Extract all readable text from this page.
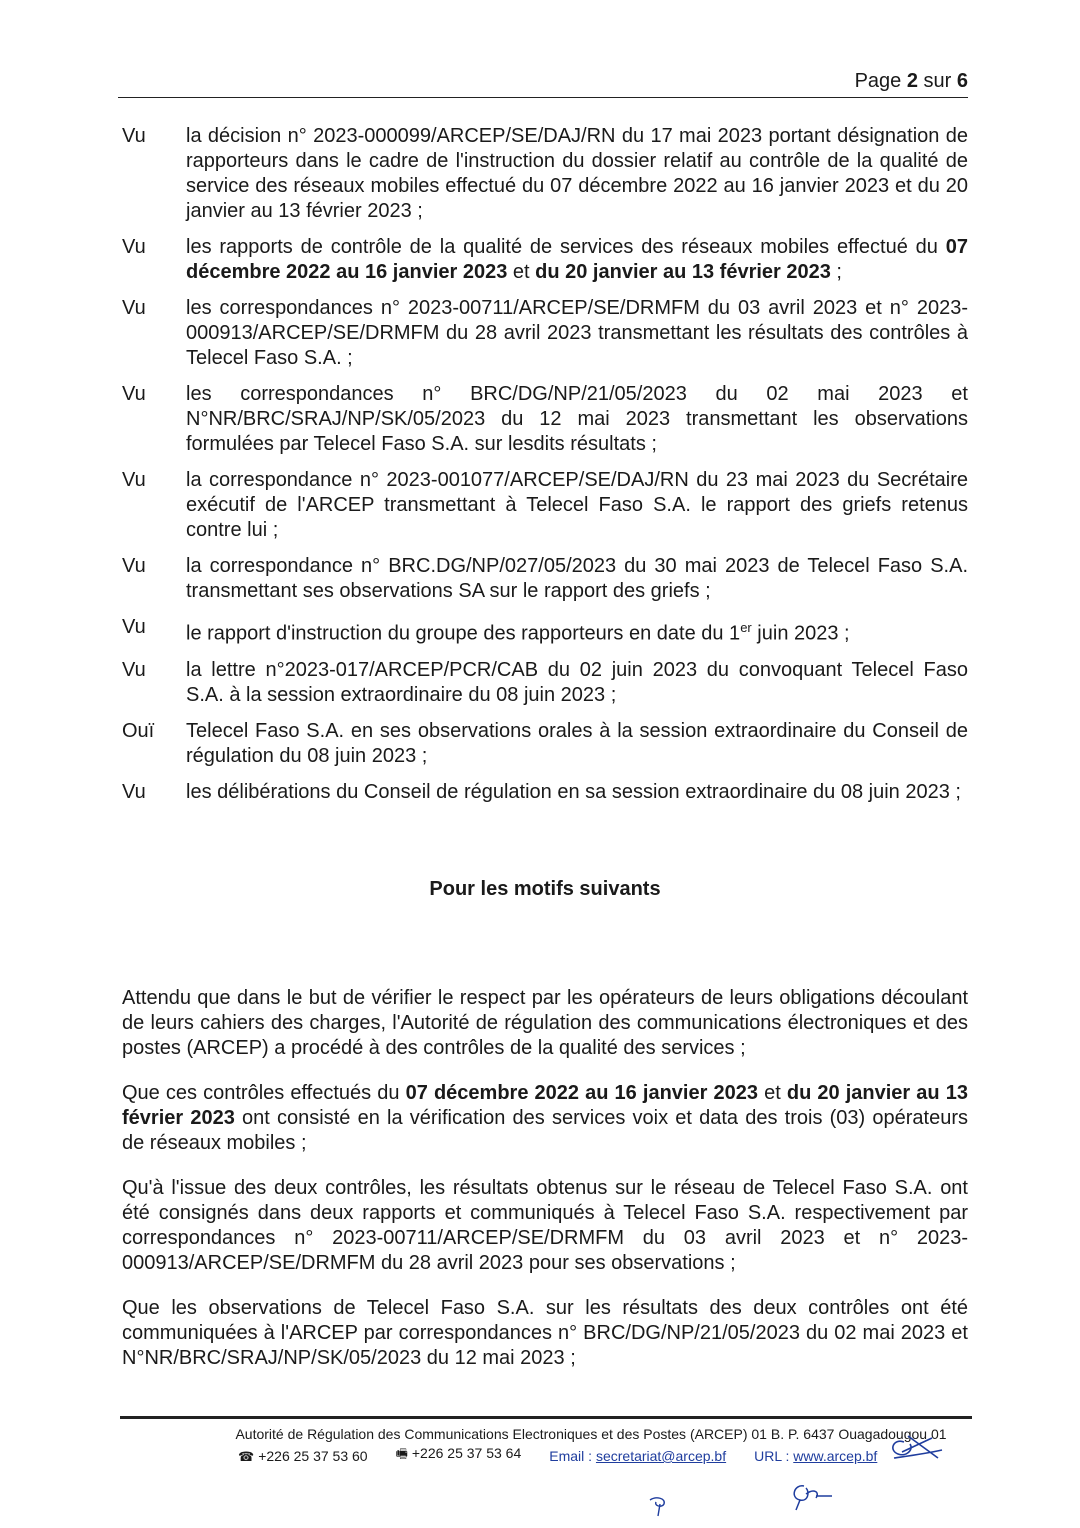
Page 2 sur 6
Vu	la décision n° 2023-000099/ARCEP/SE/DAJ/RN du 17 mai 2023 portant désignation de rapporteurs dans le cadre de l'instruction du dossier relatif au contrôle de la qualité de service des réseaux mobiles effectué du 07 décembre 2022 au 16 janvier 2023 et du 20 janvier au 13 février 2023 ;
Vu	les rapports de contrôle de la qualité de services des réseaux mobiles effectué du 07 décembre 2022 au 16 janvier 2023 et du 20 janvier au 13 février 2023 ;
Vu	les correspondances n° 2023-00711/ARCEP/SE/DRMFM du 03 avril 2023 et n° 2023-000913/ARCEP/SE/DRMFM du 28 avril 2023 transmettant les résultats des contrôles à Telecel Faso S.A. ;
Vu	les correspondances n° BRC/DG/NP/21/05/2023 du 02 mai 2023 et N°NR/BRC/SRAJ/NP/SK/05/2023 du 12 mai 2023 transmettant les observations formulées par Telecel Faso S.A. sur lesdits résultats ;
Vu	la correspondance n° 2023-001077/ARCEP/SE/DAJ/RN du 23 mai 2023 du Secrétaire exécutif de l'ARCEP transmettant à Telecel Faso S.A. le rapport des griefs retenus contre lui ;
Vu	la correspondance n° BRC.DG/NP/027/05/2023 du 30 mai 2023 de Telecel Faso S.A. transmettant ses observations SA sur le rapport des griefs ;
Vu	le rapport d'instruction du groupe des rapporteurs en date du 1er juin 2023 ;
Vu	la lettre n°2023-017/ARCEP/PCR/CAB du 02 juin 2023 du convoquant Telecel Faso S.A. à la session extraordinaire du 08 juin 2023 ;
Ouï	Telecel Faso S.A. en ses observations orales à la session extraordinaire du Conseil de régulation du 08 juin 2023 ;
Vu	les délibérations du Conseil de régulation en sa session extraordinaire du 08 juin 2023 ;
Pour les motifs suivants

Attendu que dans le but de vérifier le respect par les opérateurs de leurs obligations découlant de leurs cahiers des charges, l'Autorité de régulation des communications électroniques et des postes (ARCEP) a procédé à des contrôles de la qualité des services ;

Que ces contrôles effectués du 07 décembre 2022 au 16 janvier 2023 et du 20 janvier au 13 février 2023 ont consisté en la vérification des services voix et data des trois (03) opérateurs de réseaux mobiles ;

Qu'à l'issue des deux contrôles, les résultats obtenus sur le réseau de Telecel Faso S.A. ont été consignés dans deux rapports et communiqués à Telecel Faso S.A. respectivement par correspondances n° 2023-00711/ARCEP/SE/DRMFM du 03 avril 2023 et n° 2023-000913/ARCEP/SE/DRMFM du 28 avril 2023 pour ses observations ;

Que les observations de Telecel Faso S.A. sur les résultats des deux contrôles ont été communiquées à l'ARCEP par correspondances n° BRC/DG/NP/21/05/2023 du 02 mai 2023 et N°NR/BRC/SRAJ/NP/SK/05/2023 du 12 mai 2023 ;

Autorité de Régulation des Communications Electroniques et des Postes (ARCEP) 01 B. P. 6437 Ouagadougou 01
☎ +226 25 37 53 60 🖷 +226 25 37 53 64 Email : secretariat@arcep.bf URL : www.arcep.bf
